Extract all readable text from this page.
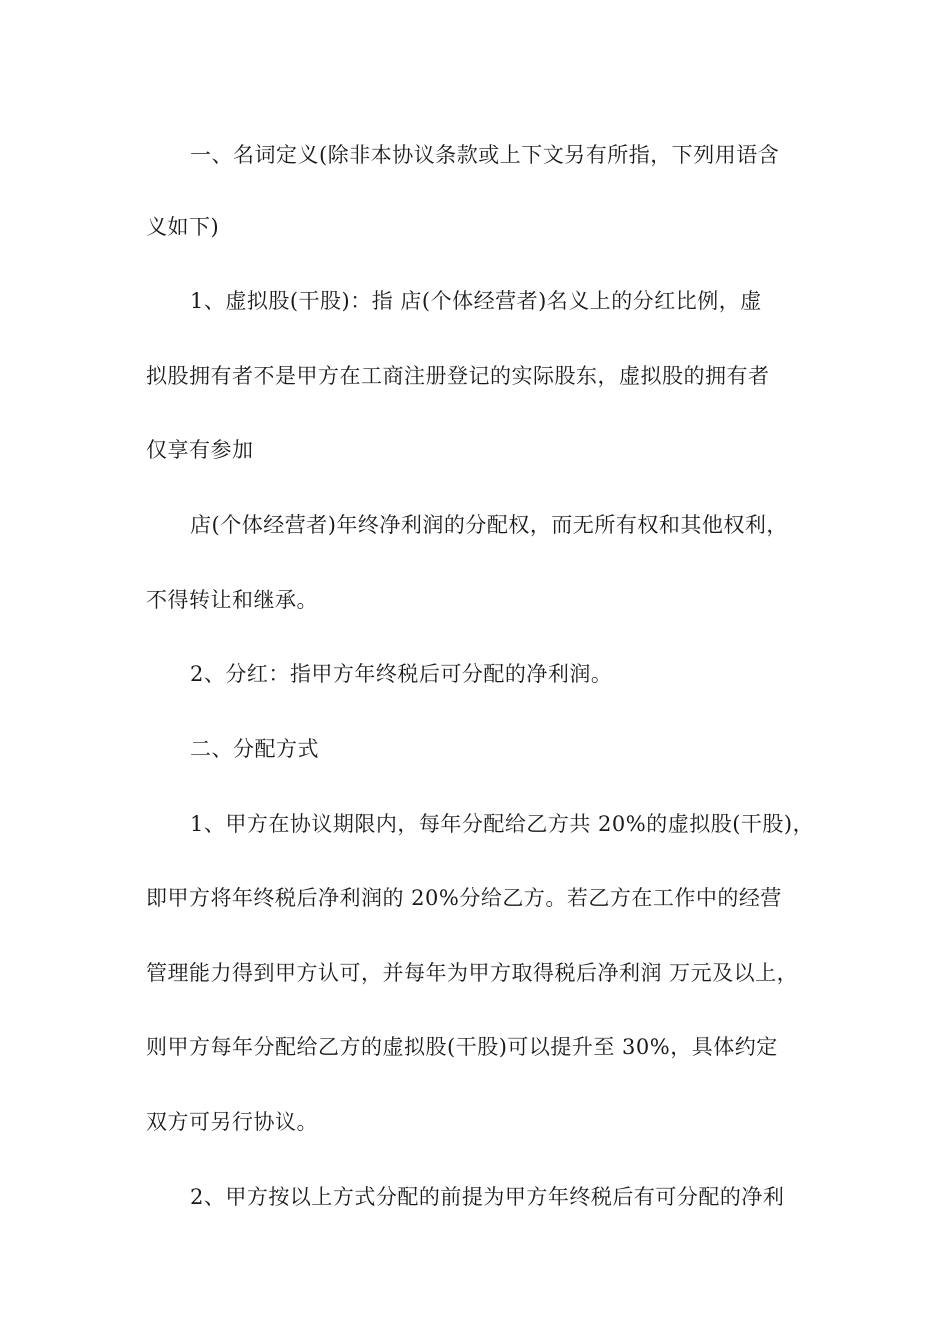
一、名词定义(除非本协议条款或上下文另有所指，下列用语含

义如下)

1、虚拟股(干股)：指 店(个体经营者)名义上的分红比例，虚

拟股拥有者不是甲方在工商注册登记的实际股东，虚拟股的拥有者

仅享有参加

店(个体经营者)年终净利润的分配权，而无所有权和其他权利，

不得转让和继承。

2、分红：指甲方年终税后可分配的净利润。

二、分配方式

1、甲方在协议期限内，每年分配给乙方共 20%的虚拟股(干股)，

即甲方将年终税后净利润的 20%分给乙方。若乙方在工作中的经营

管理能力得到甲方认可，并每年为甲方取得税后净利润 万元及以上，

则甲方每年分配给乙方的虚拟股(干股)可以提升至 30%，具体约定

双方可另行协议。

2、甲方按以上方式分配的前提为甲方年终税后有可分配的净利
